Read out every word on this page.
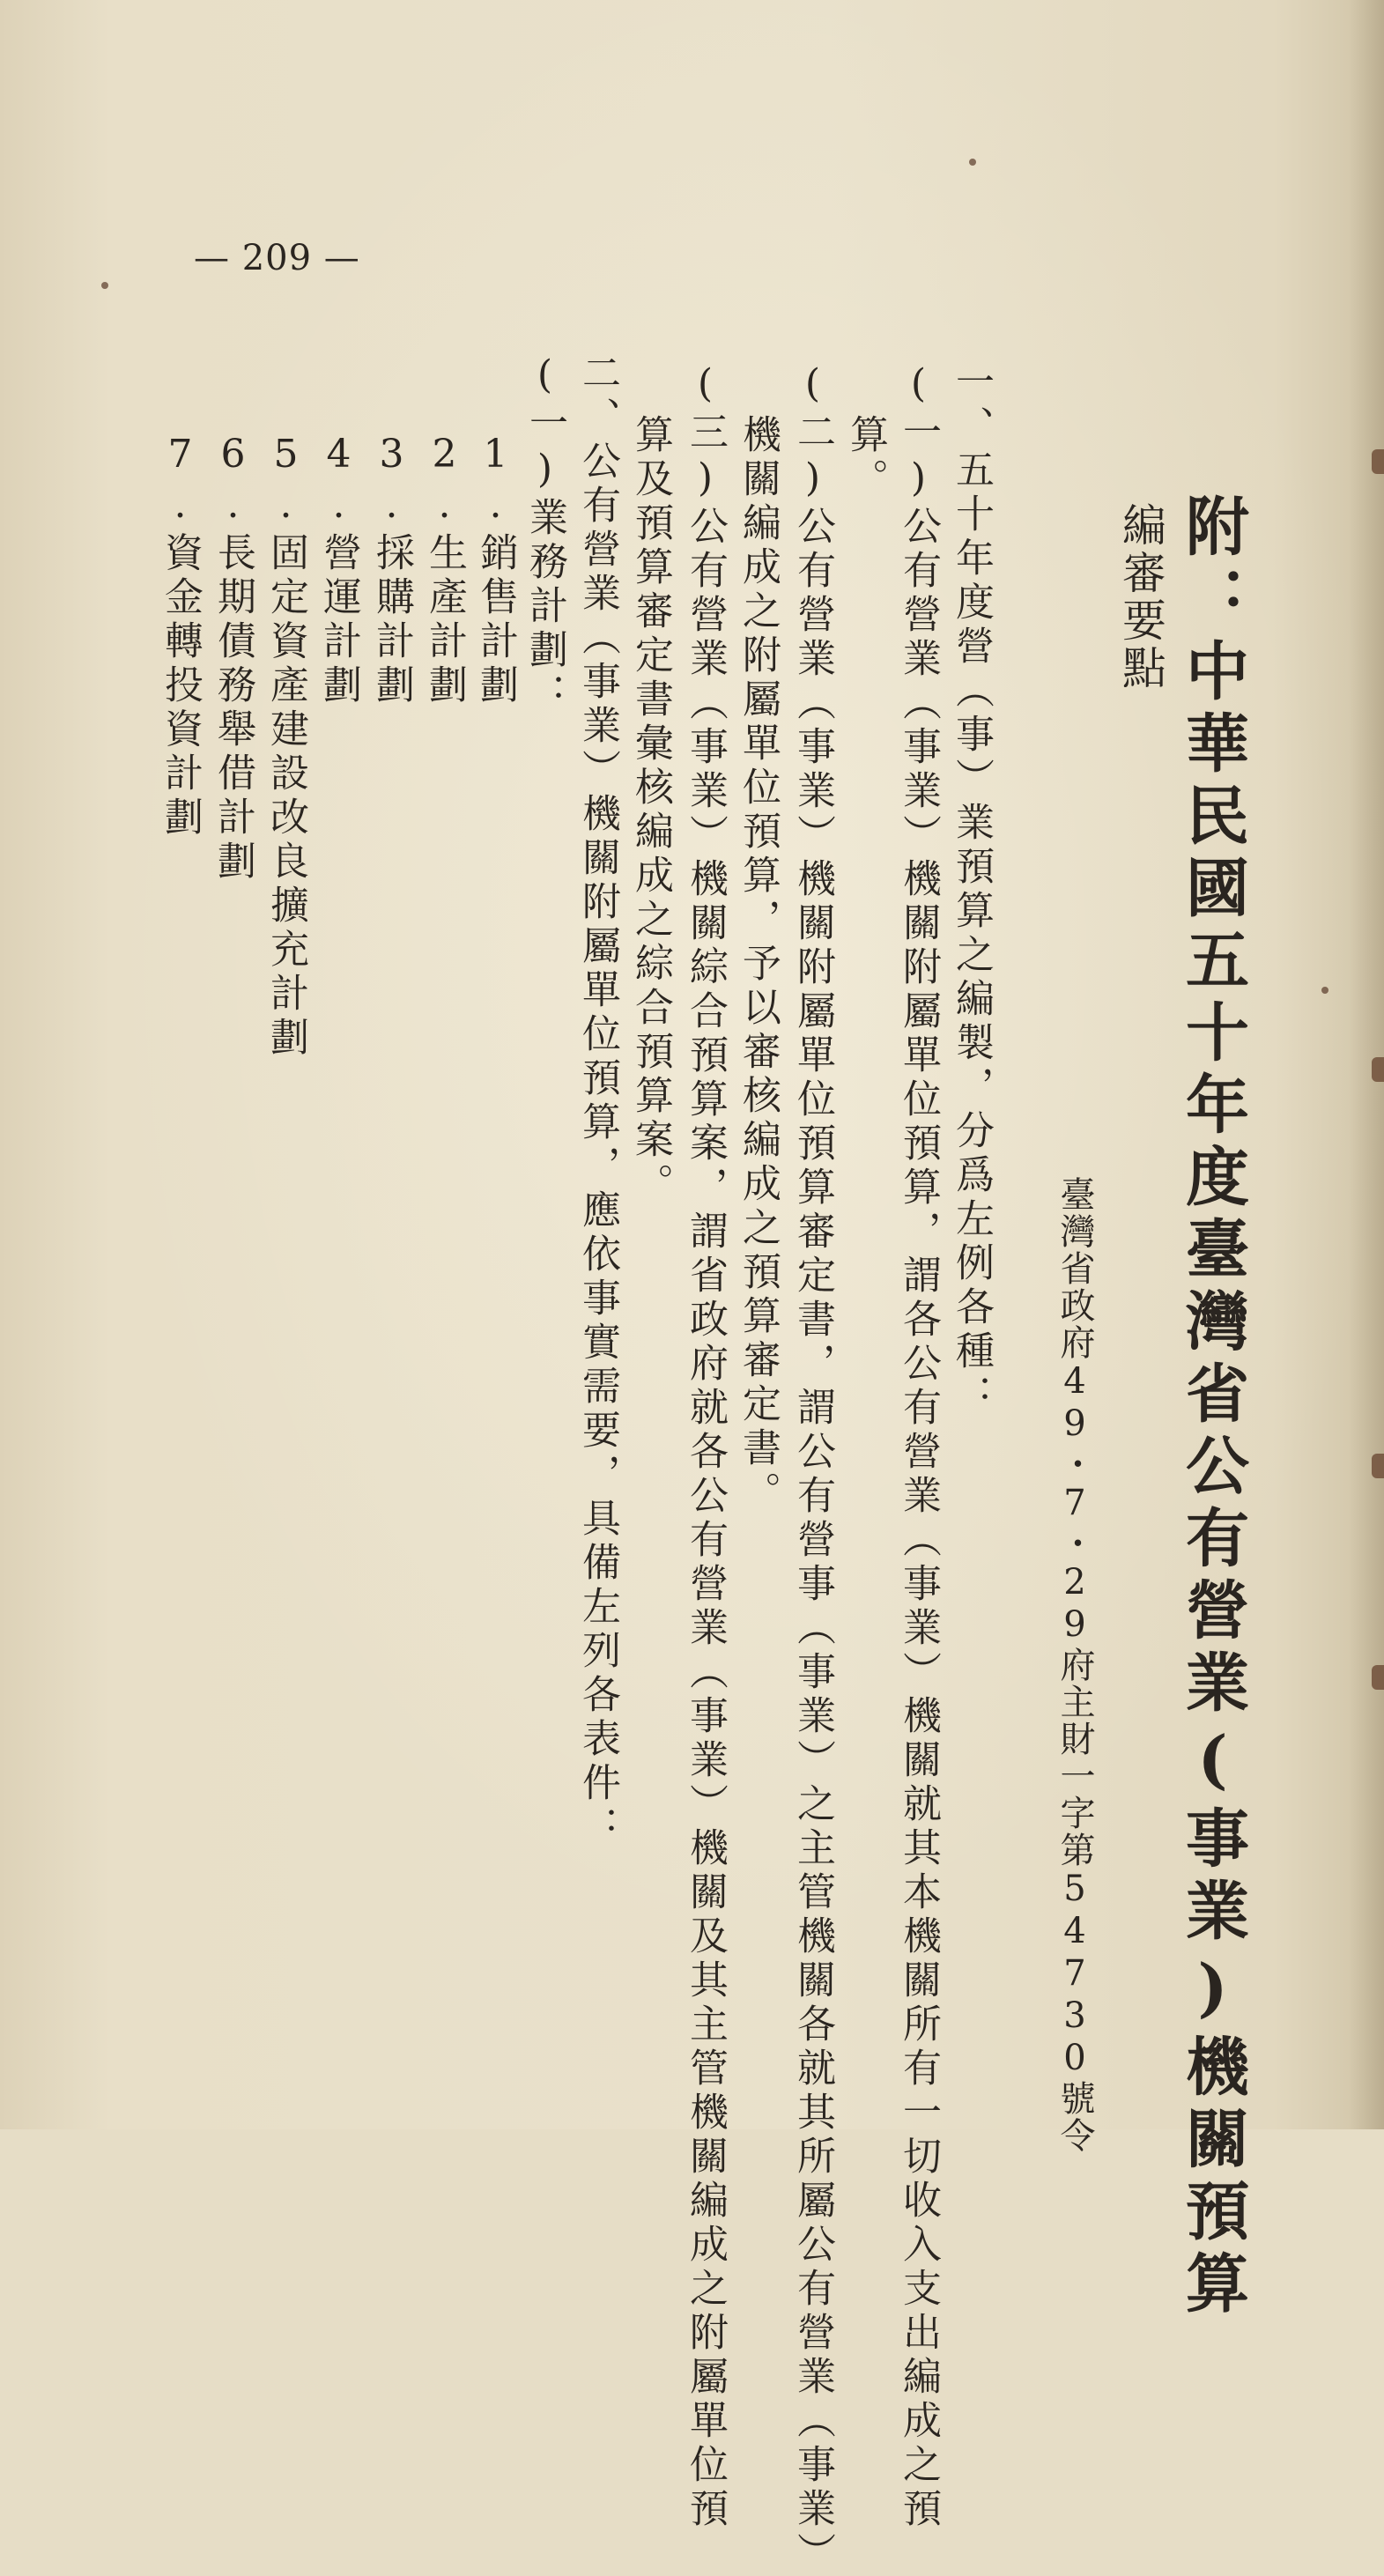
— 209 —
附：中華民國五十年度臺灣省公有營業(事業)機關預算
編審要點
臺灣省政府49・7・29府主財一字第54730號令
一、五十年度營（事）業預算之編製，分爲左例各種：
(一)公有營業（事業）機關附屬單位預算，謂各公有營業（事業）機關就其本機關所有一切收入支出編成之預
算。
(二)公有營業（事業）機關附屬單位預算審定書，謂公有營事（事業）之主管機關各就其所屬公有營業（事業）
機關編成之附屬單位預算，予以審核編成之預算審定書。
(三)公有營業（事業）機關綜合預算案，謂省政府就各公有營業（事業）機關及其主管機關編成之附屬單位預
算及預算審定書彙核編成之綜合預算案。
二、公有營業（事業）機關附屬單位預算，應依事實需要，具備左列各表件：
(一)業務計劃：
1.銷售計劃
2.生產計劃
3.採購計劃
4.營運計劃
5.固定資產建設改良擴充計劃
6.長期債務舉借計劃
7.資金轉投資計劃
